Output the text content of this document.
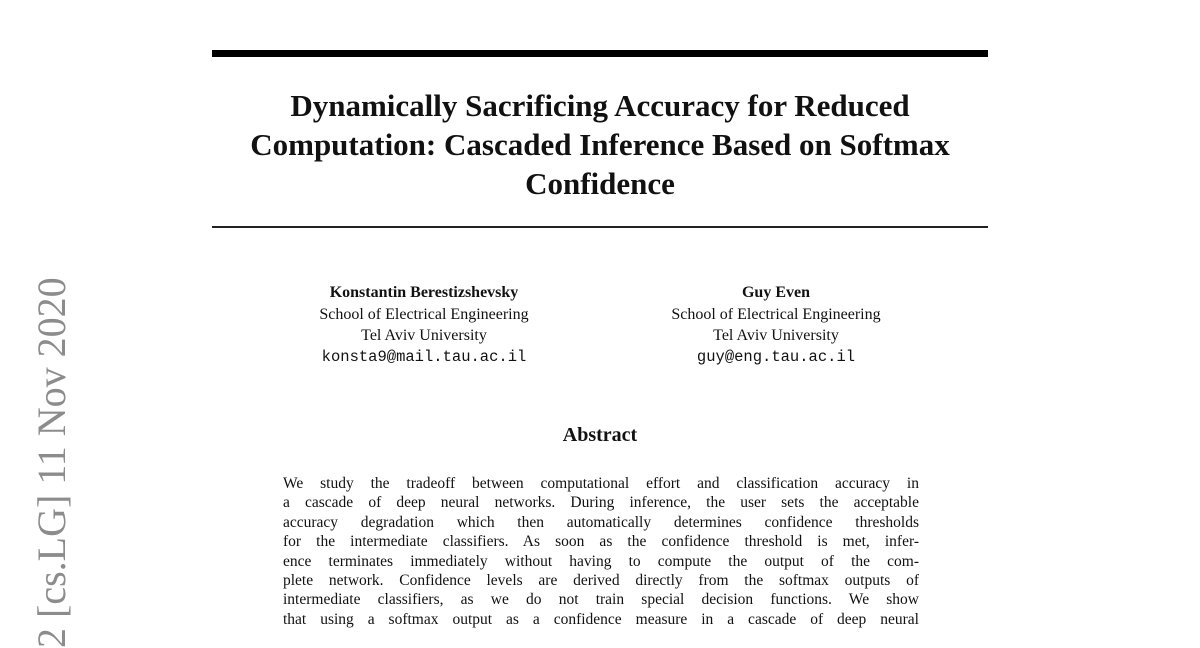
Dynamically Sacrificing Accuracy for Reduced
Computation: Cascaded Inference Based on Softmax
Confidence
Konstantin Berestizshevsky
School of Electrical Engineering
Tel Aviv University
konsta9@mail.tau.ac.il
Guy Even
School of Electrical Engineering
Tel Aviv University
guy@eng.tau.ac.il
Abstract
We study the tradeoff between computational effort and classification accuracy in
a cascade of deep neural networks. During inference, the user sets the acceptable
accuracy degradation which then automatically determines confidence thresholds
for the intermediate classifiers. As soon as the confidence threshold is met, infer-
ence terminates immediately without having to compute the output of the com-
plete network. Confidence levels are derived directly from the softmax outputs of
intermediate classifiers, as we do not train special decision functions. We show
that using a softmax output as a confidence measure in a cascade of deep neural
2 [cs.LG] 11 Nov 2020
